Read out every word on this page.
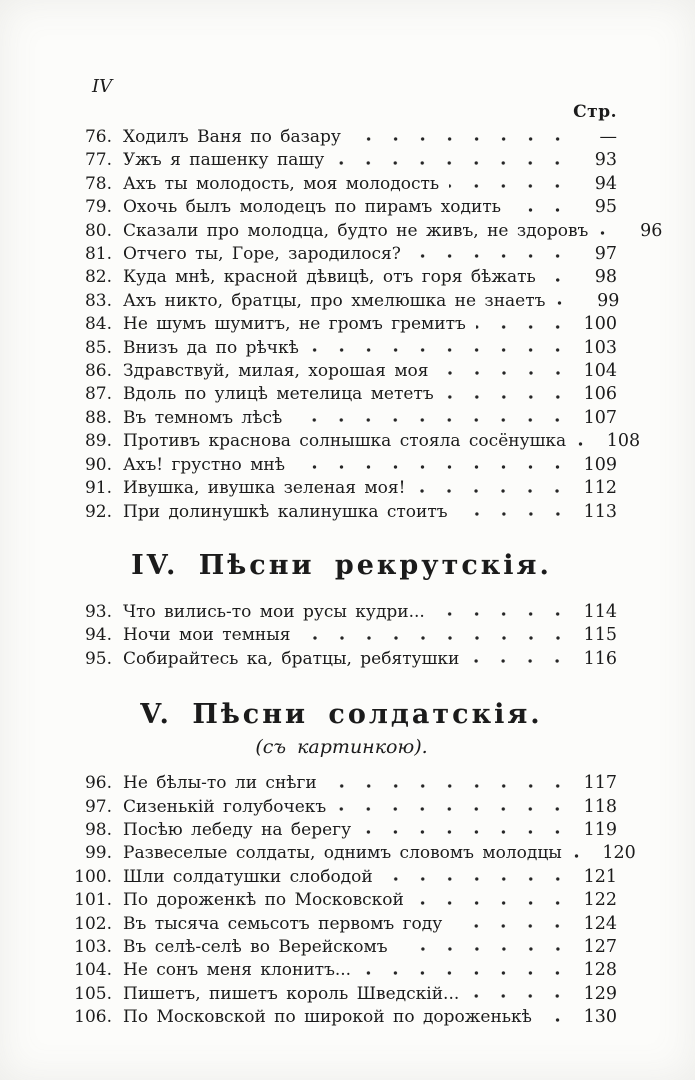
IV
Стр.
76. Ходилъ Ваня по базару	—
77. Ужъ я пашенку пашу	93
78. Ахъ ты молодость, моя молодость	94
79. Охочь былъ молодецъ по пирамъ ходить	95
80. Сказали про молодца, будто не живъ, не здоровъ	96
81. Отчего ты, Горе, зародилося?	97
82. Куда мнѣ, красной дѣвицѣ, отъ горя бѣжать	98
83. Ахъ никто, братцы, про хмелюшка не знаетъ	99
84. Не шумъ шумитъ, не громъ гремитъ	100
85. Внизъ да по рѣчкѣ	103
86. Здравствуй, милая, хорошая моя	104
87. Вдоль по улицѣ метелица мететъ	106
88. Въ темномъ лѣсѣ	107
89. Противъ краснова солнышка стояла сосёнушка	108
90. Ахъ! грустно мнѣ	109
91. Ивушка, ивушка зеленая моя!	112
92. При долинушкѣ калинушка стоитъ	113
IV. Пѣсни рекрутскія.
93. Что вились-то мои русы кудри...	114
94. Ночи мои темныя	115
95. Собирайтесь ка, братцы, ребятушки	116
V. Пѣсни солдатскія.
(съ картинкою).
96. Не бѣлы-то ли снѣги	117
97. Сизенькій голубочекъ	118
98. Посѣю лебеду на берегу	119
99. Развеселые солдаты, однимъ словомъ молодцы	120
100. Шли солдатушки слободой	121
101. По дороженкѣ по Московской	122
102. Въ тысяча семьсотъ первомъ году	124
103. Въ селѣ-селѣ во Верейскомъ	127
104. Не сонъ меня клонитъ...	128
105. Пишетъ, пишетъ король Шведскій...	129
106. По Московской по широкой по дороженькѣ	130
